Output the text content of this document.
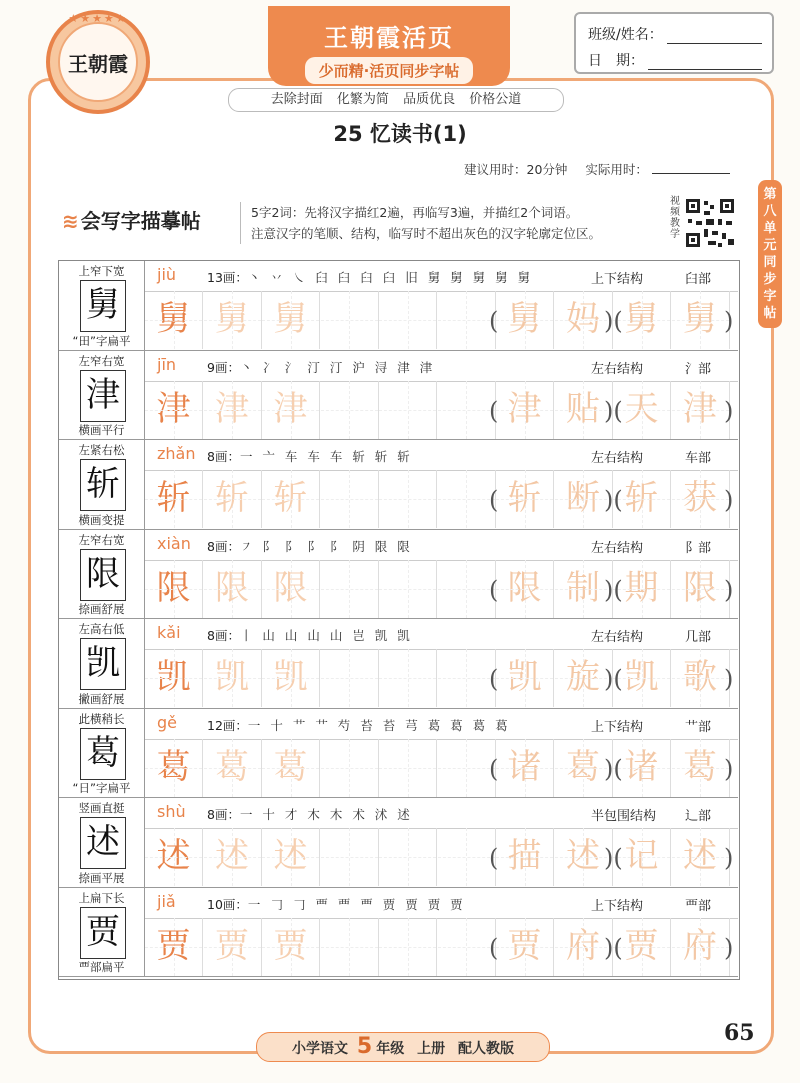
★★★★★
王朝霞
王朝霞活页
少而精·活页同步字帖
班级/姓名：
日　期：
去除封面 化繁为简 品质优良 价格公道
25 忆读书(1)
建议用时：20分钟 实际用时：
≋ 会写字描摹帖	5字2词：先将汉字描红2遍，再临写3遍，并描红2个词语。
注意汉字的笔顺、结构，临写时不超出灰色的汉字轮廓定位区。
视频教学
第八单元同步字帖
上窄下宽
舅
“田”字扁平
jiù 13画：丶 丷 ㇏ 𦥑 臼 臼 臼 旧 舅 舅 舅 舅 舅	上下结构	臼部
舅 舅 舅	舅 妈 舅 舅
(	)(	)
左窄右宽
津
横画平行
jīn 9画：丶 冫 氵 汀 汀 沪 浔 津 津	左右结构	氵部
津 津 津	津 贴 天 津
(	)(	)
左紧右松
斩
横画变提
zhǎn 8画：一 亠 车 车 车 斩 斩 斩	左右结构	车部
斩 斩 斩	斩 断 斩 获
(	)(	)
左窄右宽
限
捺画舒展
xiàn 8画：㇇ 阝 阝 阝 阝 阴 限 限	左右结构	阝部
限 限 限	限 制 期 限
(	)(	)
左高右低
凯
撇画舒展
kǎi 8画：丨 山 山 山 山 岂 凯 凯	左右结构	几部
凯 凯 凯	凯 旋 凯 歌
(	)(	)
此横稍长
葛
“日”字扁平
gě 12画：一 十 艹 艹 芍 苔 苔 芎 葛 葛 葛 葛	上下结构	艹部
葛 葛 葛	诸 葛 诸 葛
(	)(	)
竖画直挺
述
捺画平展
shù 8画：一 十 才 木 木 术 沭 述	半包围结构 辶部
述 述 述	描 述 记 述
(	)(	)
上扁下长
贾
覀部扁平
jiǎ	10画：一 𠃌 𠃌 覀 覀 覀 贾 贾 贾 贾	上下结构	覀部
贾 贾 贾	贾 府 贾 府
(	)(	)
小学语文 5 年级 上册 配人教版
65
